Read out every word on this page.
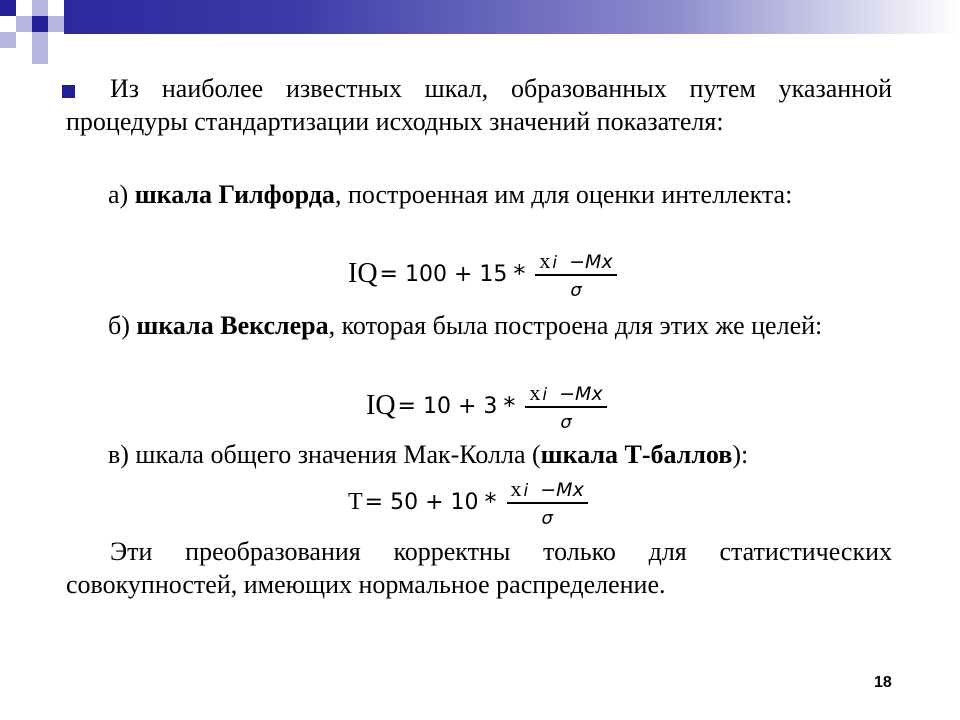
Из наиболее известных шкал, образованных путем указанной процедуры стандартизации исходных значений показателя:
а) шкала Гилфорда, построенная им для оценки интеллекта:
IQ = $100 + 15 * \frac{\text{x i −Mx}}{\sigma}$
б) шкала Векслера, которая была построена для этих же целей:
IQ = $10 + 3 * \frac{\text{x i −Mx}}{\sigma}$
в) шкала общего значения Мак-Колла (шкала Т-баллов):
$T = 50 + 10 * \frac{\text{x i −Mx}}{\sigma}$
Эти преобразования корректны только для статистических совокупностей, имеющих нормальное распределение.
18
